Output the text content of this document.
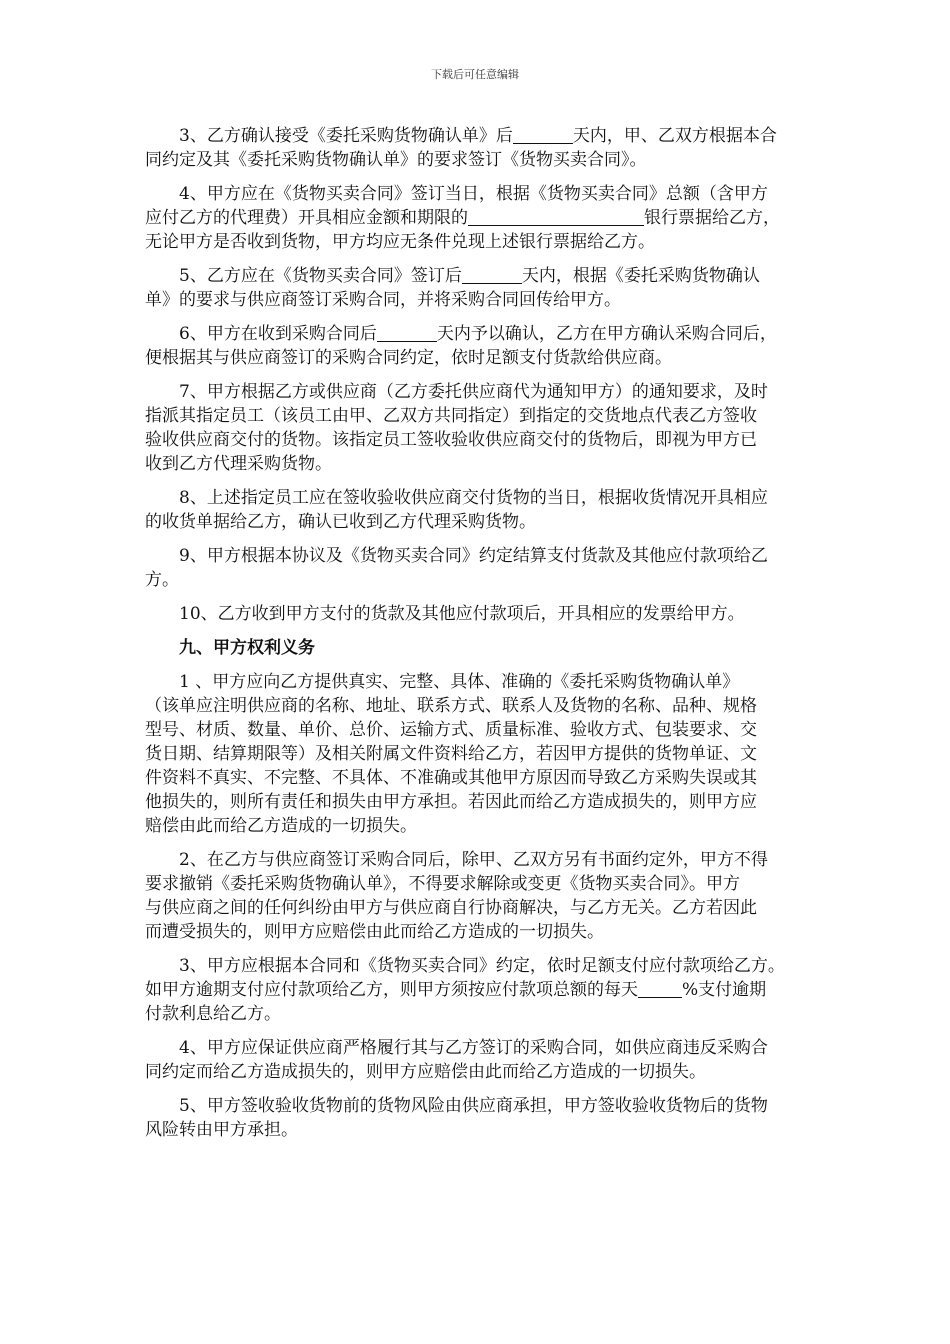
下载后可任意编辑

3、乙方确认接受《委托采购货物确认单》后	天内，甲、乙双方根据本合
同约定及其《委托采购货物确认单》的要求签订《货物买卖合同》。

4、甲方应在《货物买卖合同》签订当日，根据《货物买卖合同》总额（含甲方
应付乙方的代理费）开具相应金额和期限的	银行票据给乙方，
无论甲方是否收到货物，甲方均应无条件兑现上述银行票据给乙方。

5、乙方应在《货物买卖合同》签订后	天内，根据《委托采购货物确认
单》的要求与供应商签订采购合同，并将采购合同回传给甲方。

6、甲方在收到采购合同后	天内予以确认，乙方在甲方确认采购合同后，
便根据其与供应商签订的采购合同约定，依时足额支付货款给供应商。

7、甲方根据乙方或供应商（乙方委托供应商代为通知甲方）的通知要求，及时
指派其指定员工（该员工由甲、乙双方共同指定）到指定的交货地点代表乙方签收
验收供应商交付的货物。该指定员工签收验收供应商交付的货物后，即视为甲方已
收到乙方代理采购货物。

8、上述指定员工应在签收验收供应商交付货物的当日，根据收货情况开具相应
的收货单据给乙方，确认已收到乙方代理采购货物。

9、甲方根据本协议及《货物买卖合同》约定结算支付货款及其他应付款项给乙
方。

10、乙方收到甲方支付的货款及其他应付款项后，开具相应的发票给甲方。

九、甲方权利义务

1 、甲方应向乙方提供真实、完整、具体、准确的《委托采购货物确认单》
（该单应注明供应商的名称、地址、联系方式、联系人及货物的名称、品种、规格
型号、材质、数量、单价、总价、运输方式、质量标准、验收方式、包装要求、交
货日期、结算期限等）及相关附属文件资料给乙方，若因甲方提供的货物单证、文
件资料不真实、不完整、不具体、不准确或其他甲方原因而导致乙方采购失误或其
他损失的，则所有责任和损失由甲方承担。若因此而给乙方造成损失的，则甲方应
赔偿由此而给乙方造成的一切损失。

2、在乙方与供应商签订采购合同后，除甲、乙双方另有书面约定外，甲方不得
要求撤销《委托采购货物确认单》，不得要求解除或变更《货物买卖合同》。甲方
与供应商之间的任何纠纷由甲方与供应商自行协商解决，与乙方无关。乙方若因此
而遭受损失的，则甲方应赔偿由此而给乙方造成的一切损失。

3、甲方应根据本合同和《货物买卖合同》约定，依时足额支付应付款项给乙方。
如甲方逾期支付应付款项给乙方，则甲方须按应付款项总额的每天	%支付逾期
付款利息给乙方。

4、甲方应保证供应商严格履行其与乙方签订的采购合同，如供应商违反采购合
同约定而给乙方造成损失的，则甲方应赔偿由此而给乙方造成的一切损失。

5、甲方签收验收货物前的货物风险由供应商承担，甲方签收验收货物后的货物
风险转由甲方承担。
